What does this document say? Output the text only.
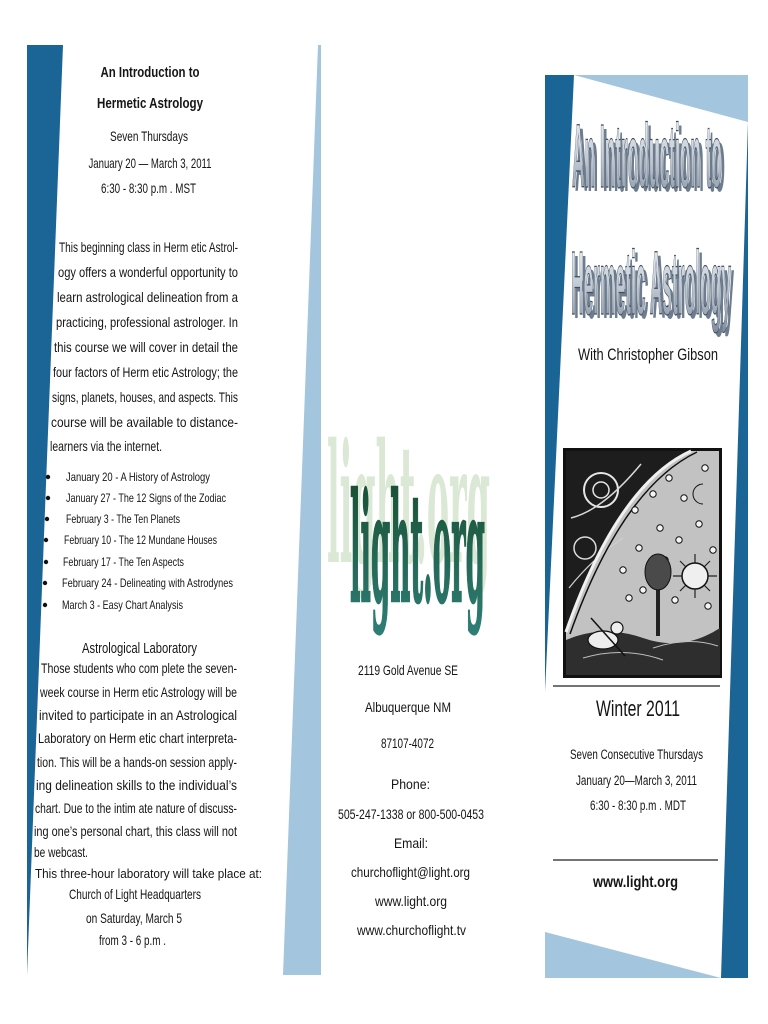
An Introduction to
Hermetic Astrology
Seven Thursdays
January 20 — March 3, 2011
6:30 - 8:30 p.m . MST
This beginning class in Herm etic Astrol-
ogy offers a wonderful opportunity to
learn astrological delineation from a
practicing, professional astrologer. In
this course we will cover in detail the
four factors of Herm etic Astrology; the
signs, planets, houses, and aspects. This
course will be available to distance-
learners via the internet.
January 20 - A History of Astrology
January 27 - The 12 Signs of the Zodiac
February 3 - The Ten Planets
February 10 - The 12 Mundane Houses
February 17 - The Ten Aspects
February 24 - Delineating with Astrodynes
March 3 - Easy Chart Analysis
Astrological Laboratory
Those students who com plete the seven-
week course in Herm etic Astrology will be
invited to participate in an Astrological
Laboratory on Herm etic chart interpreta-
tion. This will be a hands-on session apply-
ing delineation skills to the individual’s
chart. Due to the intim ate nature of discuss-
ing one’s personal chart, this class will not
be webcast.
This three-hour laboratory will take place at:
Church of Light Headquarters
on Saturday, March 5
from 3 - 6 p.m .
light.org
light.org
2119 Gold Avenue SE
Albuquerque NM
87107-4072
Phone:
505-247-1338 or 800-500-0453
Email:
churchoflight@light.org
www.light.org
www.churchoflight.tv
An Introduction to
An Introduction to
Hermetic Astrology
Hermetic Astrology
With Christopher Gibson
Winter 2011
Seven Consecutive Thursdays
January 20—March 3, 2011
6:30 - 8:30 p.m . MDT
www.light.org
